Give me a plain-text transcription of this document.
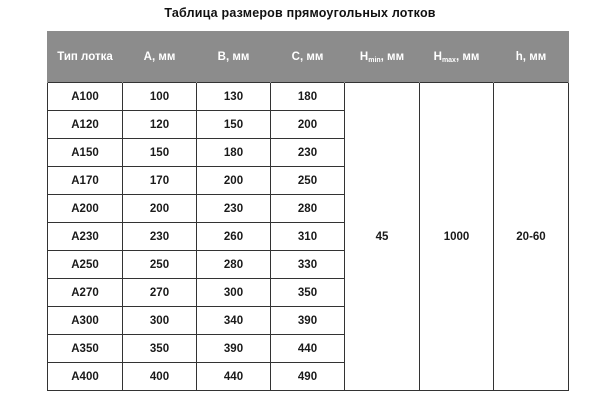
Таблица размеров прямоугольных лотков
Тип лотка	A, мм	B, мм	C, мм	$H_{min}$, мм	$H_{max}$, мм	h, мм
A100	100	130	180	45	1000	20-60
A120	120	150	200			
A150	150	180	230			
A170	170	200	250			
A200	200	230	280			
A230	230	260	310			
A250	250	280	330			
A270	270	300	350			
A300	300	340	390			
A350	350	390	440			
A400	400	440	490			
